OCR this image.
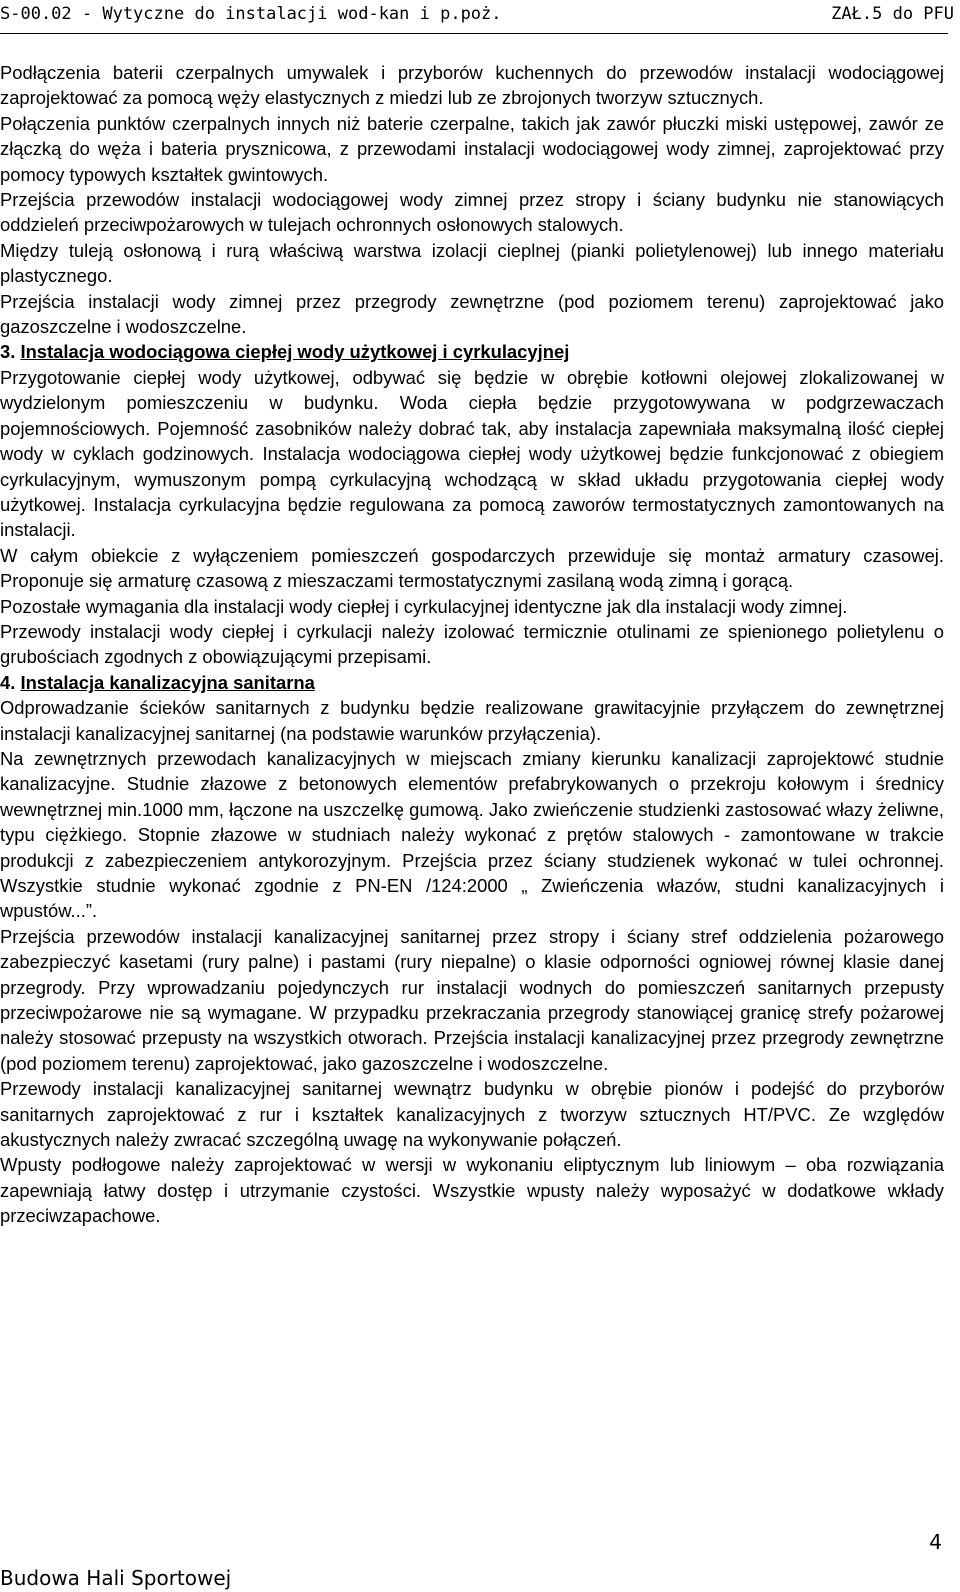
S-00.02 - Wytyczne do instalacji wod-kan i p.poż.	ZAŁ.5 do PFU

Podłączenia baterii czerpalnych umywalek i przyborów kuchennych do przewodów instalacji wodociągowej zaprojektować za pomocą węży elastycznych z miedzi lub ze zbrojonych tworzyw sztucznych.

Połączenia punktów czerpalnych innych niż baterie czerpalne, takich jak zawór płuczki miski ustępowej, zawór ze złączką do węża i bateria prysznicowa, z przewodami instalacji wodociągowej wody zimnej, zaprojektować przy pomocy typowych kształtek gwintowych.

Przejścia przewodów instalacji wodociągowej wody zimnej przez stropy i ściany budynku nie stanowiących oddzieleń przeciwpożarowych w tulejach ochronnych osłonowych stalowych.

Między tuleją osłonową i rurą właściwą warstwa izolacji cieplnej (pianki polietylenowej) lub innego materiału plastycznego.

Przejścia instalacji wody zimnej przez przegrody zewnętrzne (pod poziomem terenu) zaprojektować jako gazoszczelne i wodoszczelne.

3. Instalacja wodociągowa ciepłej wody użytkowej i cyrkulacyjnej

Przygotowanie ciepłej wody użytkowej, odbywać się będzie w obrębie kotłowni olejowej zlokalizowanej w wydzielonym pomieszczeniu w budynku. Woda ciepła będzie przygotowywana w podgrzewaczach pojemnościowych. Pojemność zasobników należy dobrać tak, aby instalacja zapewniała maksymalną ilość ciepłej wody w cyklach godzinowych. Instalacja wodociągowa ciepłej wody użytkowej będzie funkcjonować z obiegiem cyrkulacyjnym, wymuszonym pompą cyrkulacyjną wchodzącą w skład układu przygotowania ciepłej wody użytkowej. Instalacja cyrkulacyjna będzie regulowana za pomocą zaworów termostatycznych zamontowanych na instalacji.

W całym obiekcie z wyłączeniem pomieszczeń gospodarczych przewiduje się montaż armatury czasowej. Proponuje się armaturę czasową z mieszaczami termostatycznymi zasilaną wodą zimną i gorącą.

Pozostałe wymagania dla instalacji wody ciepłej i cyrkulacyjnej identyczne jak dla instalacji wody zimnej.

Przewody instalacji wody ciepłej i cyrkulacji należy izolować termicznie otulinami ze spienionego polietylenu o grubościach zgodnych z obowiązującymi przepisami.

4. Instalacja kanalizacyjna sanitarna

Odprowadzanie ścieków sanitarnych z budynku będzie realizowane grawitacyjnie przyłączem do zewnętrznej instalacji kanalizacyjnej sanitarnej (na podstawie warunków przyłączenia).

Na zewnętrznych przewodach kanalizacyjnych w miejscach zmiany kierunku kanalizacji zaprojektowć studnie kanalizacyjne. Studnie złazowe z betonowych elementów prefabrykowanych o przekroju kołowym i średnicy wewnętrznej min.1000 mm, łączone na uszczelkę gumową. Jako zwieńczenie studzienki zastosować włazy żeliwne, typu ciężkiego. Stopnie złazowe w studniach należy wykonać z prętów stalowych - zamontowane w trakcie produkcji z zabezpieczeniem antykorozyjnym. Przejścia przez ściany studzienek wykonać w tulei ochronnej. Wszystkie studnie wykonać zgodnie z PN-EN /124:2000 „ Zwieńczenia włazów, studni kanalizacyjnych i wpustów...”.

Przejścia przewodów instalacji kanalizacyjnej sanitarnej przez stropy i ściany stref oddzielenia pożarowego zabezpieczyć kasetami (rury palne) i pastami (rury niepalne) o klasie odporności ogniowej równej klasie danej przegrody. Przy wprowadzaniu pojedynczych rur instalacji wodnych do pomieszczeń sanitarnych przepusty przeciwpożarowe nie są wymagane. W przypadku przekraczania przegrody stanowiącej granicę strefy pożarowej należy stosować przepusty na wszystkich otworach. Przejścia instalacji kanalizacyjnej przez przegrody zewnętrzne (pod poziomem terenu) zaprojektować, jako gazoszczelne i wodoszczelne.

Przewody instalacji kanalizacyjnej sanitarnej wewnątrz budynku w obrębie pionów i podejść do przyborów sanitarnych zaprojektować z rur i kształtek kanalizacyjnych z tworzyw sztucznych HT/PVC. Ze względów akustycznych należy zwracać szczególną uwagę na wykonywanie połączeń.

Wpusty podłogowe należy zaprojektować w wersji w wykonaniu eliptycznym lub liniowym – oba rozwiązania zapewniają łatwy dostęp i utrzymanie czystości. Wszystkie wpusty należy wyposażyć w dodatkowe wkłady przeciwzapachowe.

4
Budowa Hali Sportowej
